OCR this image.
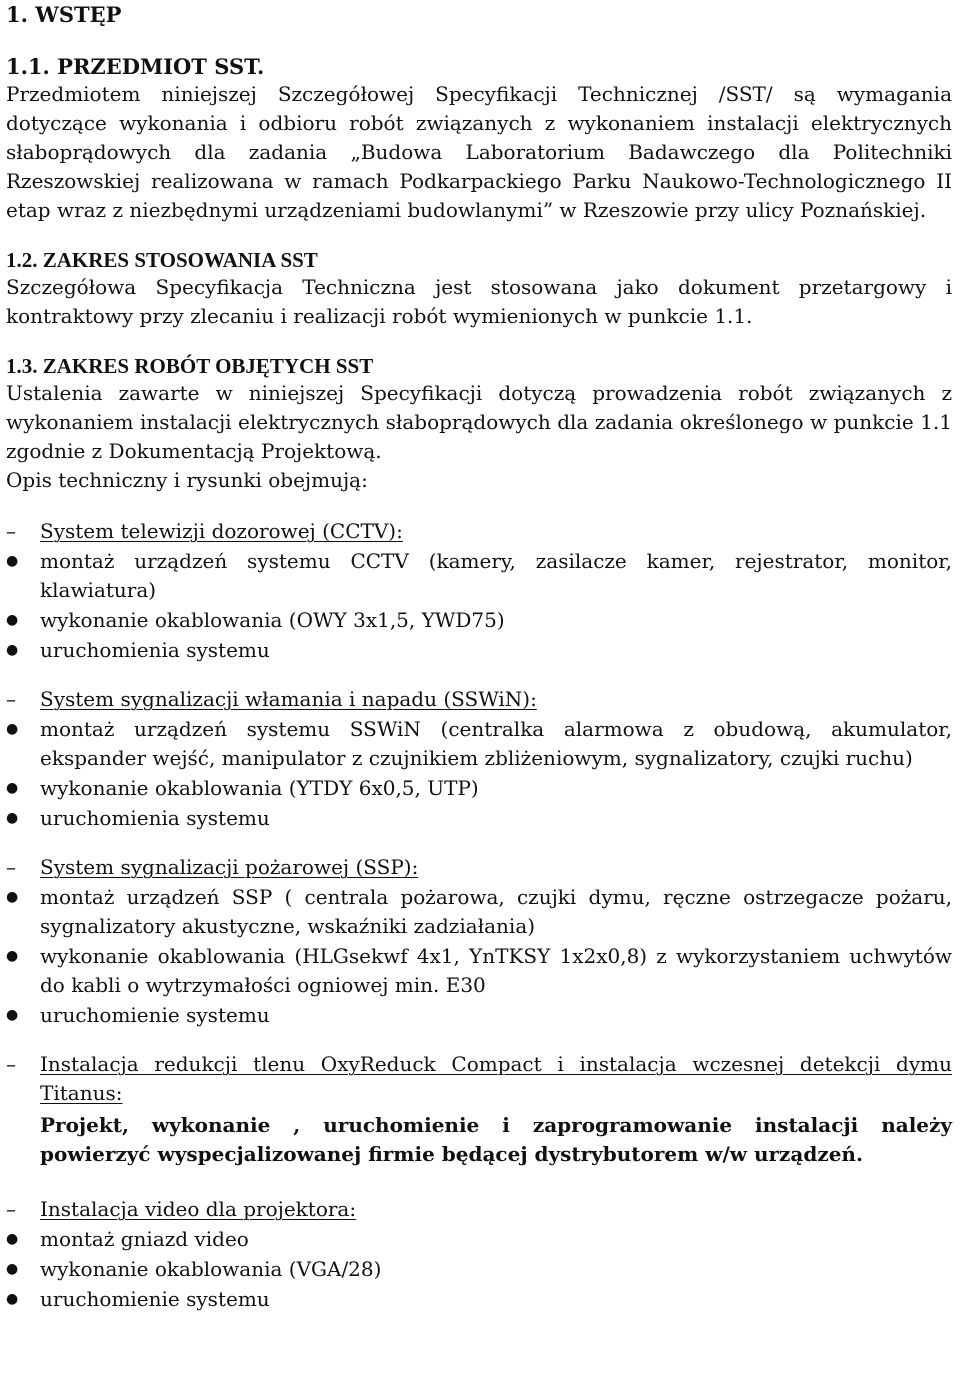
1. WSTĘP
1.1. PRZEDMIOT SST.

Przedmiotem niniejszej Szczegółowej Specyfikacji Technicznej /SST/ są wymagania dotyczące wykonania i odbioru robót związanych z wykonaniem instalacji elektrycznych słaboprądowych dla zadania „Budowa Laboratorium Badawczego dla Politechniki Rzeszowskiej realizowana w ramach Podkarpackiego Parku Naukowo-Technologicznego II etap wraz z niezbędnymi urządzeniami budowlanymi” w Rzeszowie przy ulicy Poznańskiej.

1.2. ZAKRES STOSOWANIA SST

Szczegółowa Specyfikacja Techniczna jest stosowana jako dokument przetargowy i kontraktowy przy zlecaniu i realizacji robót wymienionych w punkcie 1.1.

1.3. ZAKRES ROBÓT OBJĘTYCH SST

Ustalenia zawarte w niniejszej Specyfikacji dotyczą prowadzenia robót związanych z wykonaniem instalacji elektrycznych słaboprądowych dla zadania określonego w punkcie 1.1 zgodnie z Dokumentacją Projektową.

Opis techniczny i rysunki obejmują:

–	System telewizji dozorowej (CCTV):
●	montaż urządzeń systemu CCTV (kamery, zasilacze kamer, rejestrator, monitor, klawiatura)
●	wykonanie okablowania (OWY 3x1,5, YWD75)
●	uruchomienia systemu
–	System sygnalizacji włamania i napadu (SSWiN):
●	montaż urządzeń systemu SSWiN (centralka alarmowa z obudową, akumulator, ekspander wejść, manipulator z czujnikiem zbliżeniowym, sygnalizatory, czujki ruchu)
●	wykonanie okablowania (YTDY 6x0,5, UTP)
●	uruchomienia systemu
–	System sygnalizacji pożarowej (SSP):
●	montaż urządzeń SSP ( centrala pożarowa, czujki dymu, ręczne ostrzegacze pożaru, sygnalizatory akustyczne, wskaźniki zadziałania)
●	wykonanie okablowania (HLGsekwf 4x1, YnTKSY 1x2x0,8) z wykorzystaniem uchwytów do kabli o wytrzymałości ogniowej min. E30
●	uruchomienie systemu
–	Instalacja redukcji tlenu OxyReduck Compact i instalacja wczesnej detekcji dymu Titanus:

Projekt, wykonanie , uruchomienie i zaprogramowanie instalacji należy powierzyć wyspecjalizowanej firmie będącej dystrybutorem w/w urządzeń.

–	Instalacja video dla projektora:
●	montaż gniazd video
●	wykonanie okablowania (VGA/28)
●	uruchomienie systemu
